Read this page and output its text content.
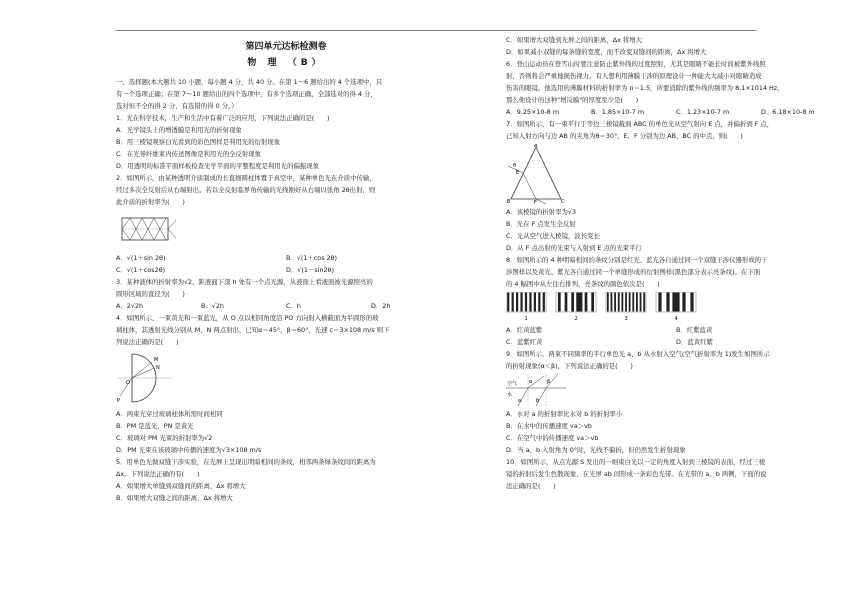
第四单元达标检测卷
物 理 （B）

一、选择题(本大题共 10 小题，每小题 4 分，共 40 分。在第 1～6 题给出的 4 个选项中，只

有一个选项正确；在第 7～10 题给出的四个选项中，有多个选项正确，全部选对的得 4 分，

选对但不全的得 2 分，有选错的得 0 分。）

1．光在科学技术，生产和生活中有着广泛的应用，下列说法正确的是(　　)

A．光学镜头上的增透膜是利用光的折射现象

B．用三棱镜观察白光看到的彩色图样是利用光的衍射现象

C．在光导纤维束内传送图像是利用光的全反射现象

D．用透明的标准平面样板检查光学平面的平整程度是利用光的偏振现象

2．如图所示，由某种透明介质制成的长直细圆柱体置于真空中，某种单色光在介质中传输，

经过多次全反射后从右端射出。若以全反射临界角传输的光线刚好从右端以张角 2θ出射，则

此介质的折射率为(　　)

A．√(1＋sin 2θ)	B．√(1＋cos 2θ)
C．√(1＋cos2θ)	D．√(1－sin2θ)

3．某种液体的折射率为√2，距液面下深 h 处有一个点光源，从液面上看液面被光源照亮的

圆形区域的直径为(　　)

A．2√2h	B．√2h	C．h	D．2h

4．如图所示，一束黄光和一束蓝光，从 O 点以相同角度沿 PO 方向射入横截面为半圆形的玻

璃柱体，其透射光线分别从 M、N 两点射出，已知α＝45°，β＝60°，光速 c＝3×108 m/s 则下

列说法正确的是(　　)

M
N
O
P

A．两束光穿过玻璃柱体所需时间相同

B．PM 是蓝光，PN 是黄光

C．玻璃对 PM 光束的折射率为√2

D．PM 光束在该玻璃中传播的速度为√3×108 m/s

5．用单色光做双缝干涉实验，在光屏上呈现出明暗相间的条纹，相邻两条绿条纹间的距离为

Δx。下列说法正确的有(　　)

A．如果增大单缝到双缝间的距离，Δx 将增大

B．如果增大双缝之间的距离，Δx 将增大

C．如果增大双缝到光屏之间的距离，Δx 将增大

D．如果减小双缝的每条缝的宽度，而不改变双缝间的距离，Δx 将增大

6．登山运动员在登雪山时要注意防止紫外线的过度照射，尤其是眼睛不能长时间被紫外线照

射，否则将会严重地损伤视力。有人想利用薄膜干涉的原理设计一种能大大减小对眼睛造成

伤害的眼镜。他选用的薄膜材料的折射率为 n＝1.5，所要消除的紫外线的频率为 8.1×1014 Hz，

那么他设计的这种"增反膜"的厚度至少是(　　)

A．9.25×10-8 m	B．1.85×10-7 m	C．1.23×10-7 m	D．6.18×10-8 m

7．如图所示，有一束平行于等边三棱镜截面 ABC 的单色光从空气射向 E 点，并偏折到 F 点，

已知入射方向与边 AB 的夹角为θ＝30°，E、F 分别为边 AB、BC 的中点，则(　　)

A
B	C
E
F
θ

A．该棱镜的折射率为√3

B．光在 F 点发生全反射

C．光从空气进入棱镜，波长变长

D．从 F 点出射的光束与入射到 E 点的光束平行

8．如图所示的 4 种明暗相间的条纹分别是红光、蓝光各自通过同一个双缝干涉仪器形成的干

涉图样以及黄光、紫光各自通过同一个单缝形成的衍射图样(黑色部分表示亮条纹)。在下面

的 4 幅图中从左往右排列，亮条纹的颜色依次是(　　)

1	2	3	4
A．红黄蓝紫	B．红紫蓝黄
C．蓝紫红黄	D．蓝黄红紫

9．如图所示，两束不同频率的平行单色光 a、b 从水射入空气(空气折射率为 1)发生如图所示

的折射现象(α＜β)，下列说法正确的是(　　)

空气
水
α	β
a	b

A．水对 a 的折射率比水对 b 的折射率小

B．在水中的传播速度 va＞vb

C．在空气中的传播速度 va＞vb

D．当 a、b 入射角为 0°时，光线不偏折，但仍然发生折射现象

10．如图所示，从点光源 S 发出的一细束白光以一定的角度入射到三棱镜的表面，经过三棱

镜的折射后发生色散现象，在光屏 ab 间形成一条彩色光带。在光带的 a、b 两侧，下面的说

法正确的是(　　)
